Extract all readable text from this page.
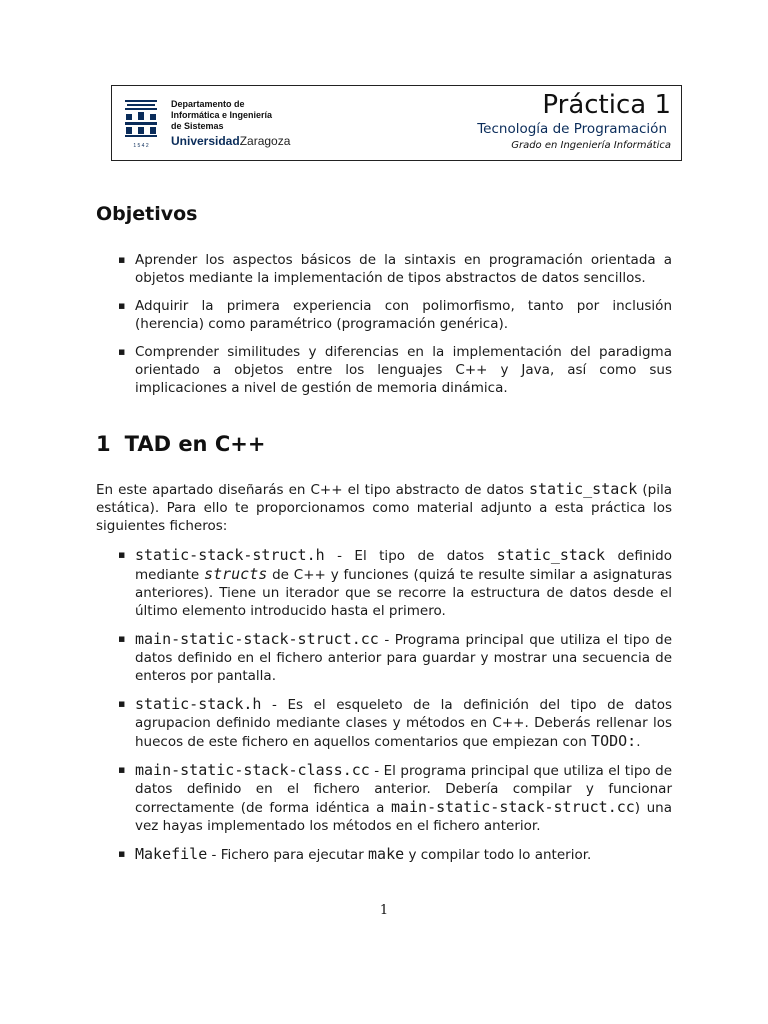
1 5 4 2
Departamento de
Informática e Ingeniería
de Sistemas
UniversidadZaragoza
Práctica 1
Tecnología de Programación
Grado en Ingeniería Informática
Objetivos
▪ Aprender los aspectos básicos de la sintaxis en programación orientada a objetos mediante la implementación de tipos abstractos de datos sencillos.
▪ Adquirir la primera experiencia con polimorfismo, tanto por inclusión (herencia) como paramétrico (programación genérica).
▪ Comprender similitudes y diferencias en la implementación del paradigma orientado a objetos entre los lenguajes C++ y Java, así como sus implicaciones a nivel de gestión de memoria dinámica.
1 TAD en C++

En este apartado diseñarás en C++ el tipo abstracto de datos static_stack (pila estática). Para ello te proporcionamos como material adjunto a esta práctica los siguientes ficheros:

▪ static-stack-struct.h - El tipo de datos static_stack definido mediante structs de C++ y funciones (quizá te resulte similar a asignaturas anteriores). Tiene un iterador que se recorre la estructura de datos desde el último elemento introducido hasta el primero.
▪ main-static-stack-struct.cc - Programa principal que utiliza el tipo de datos definido en el fichero anterior para guardar y mostrar una secuencia de enteros por pantalla.
▪ static-stack.h - Es el esqueleto de la definición del tipo de datos agrupacion definido mediante clases y métodos en C++. Deberás rellenar los huecos de este fichero en aquellos comentarios que empiezan con TODO:.
▪ main-static-stack-class.cc - El programa principal que utiliza el tipo de datos definido en el fichero anterior. Debería compilar y funcionar correctamente (de forma idéntica a main-static-stack-struct.cc) una vez hayas implementado los métodos en el fichero anterior.
▪ Makefile - Fichero para ejecutar make y compilar todo lo anterior.
1
